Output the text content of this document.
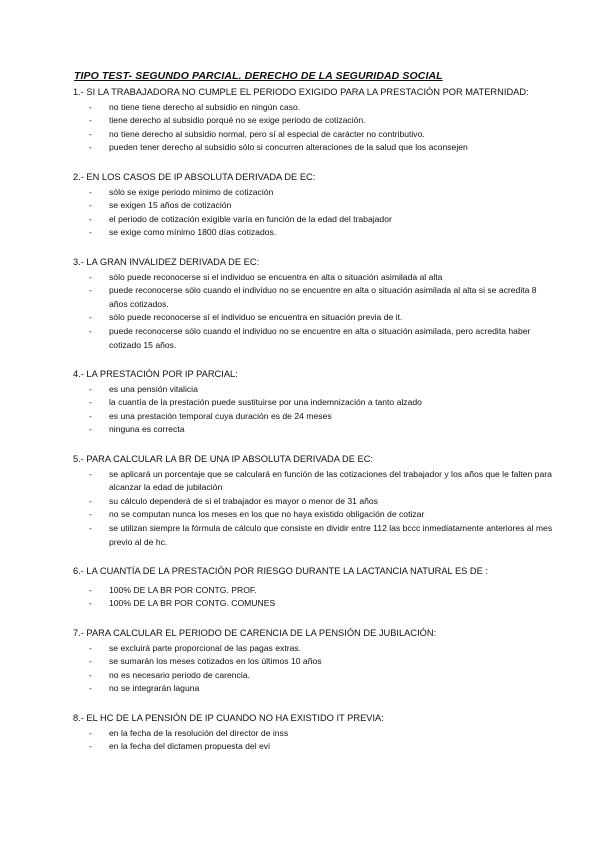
TIPO TEST- SEGUNDO PARCIAL. DERECHO DE LA SEGURIDAD SOCIAL

1.- SI LA TRABAJADORA NO CUMPLE EL PERIODO EXIGIDO PARA LA PRESTACIÓN POR MATERNIDAD:

- no tiene tiene derecho al subsidio en ningún caso.
- tiene derecho al subsidio porqué no se exige periodo de cotización.
- no tiene derecho al subsidio normal, pero sí al especial de carácter no contributivo.
- pueden tener derecho al subsidio sólo si concurren alteraciones de la salud que los aconsejen

2.- EN LOS CASOS DE IP ABSOLUTA DERIVADA DE EC:

- sólo se exige periodo mínimo de cotización
- se exigen 15 años de cotización
- el periodo de cotización exigible varía en función de la edad del trabajador
- se exige como mínimo 1800 días cotizados.

3.- LA GRAN INVALIDEZ DERIVADA DE EC:

- sólo puede reconocerse si el individuo se encuentra en alta o situación asimilada al alta
- puede reconocerse sólo cuando el individuo no se encuentre en alta o situación asimilada al alta si se acredita 8 años cotizados.
- sólo puede reconocerse sí el individuo se encuentra en situación previa de it.
- puede reconocerse sólo cuando el individuo no se encuentre en alta o situación asimilada, pero acredita haber cotizado 15 años.

4.- LA PRESTACIÓN POR IP PARCIAL:

- es una pensión vitalicia
- la cuantía de la prestación puede sustituirse por una indemnización a tanto alzado
- es una prestación temporal cuya duración es de 24 meses
- ninguna es correcta

5.- PARA CALCULAR LA BR DE UNA IP ABSOLUTA DERIVADA DE EC:

- se aplicará un porcentaje que se calculará en función de las cotizaciones del trabajador y los años que le falten para alcanzar la edad de jubilación
- su cálculo dependerá de si el trabajador es mayor o menor de 31 años
- no se computan nunca los meses en los que no haya existido obligación de cotizar
- se utilizan siempre la fórmula de cálculo que consiste en dividir entre 112 las bccc inmediatamente anteriores al mes previo al de hc.

6.- LA CUANTÍA DE LA PRESTACIÓN POR RIESGO DURANTE LA LACTANCIA NATURAL ES DE :

- 100% DE LA BR POR CONTG. PROF.
- 100% DE LA BR POR CONTG. COMUNES

7.- PARA CALCULAR EL PERIODO DE CARENCIA DE LA PENSIÓN DE JUBILACIÓN:

- se excluirá parte proporcional de las pagas extras.
- se sumarán los meses cotizados en los últimos 10 años
- no es necesario periodo de carencia.
- no se integrarán laguna

8.- EL HC DE LA PENSIÓN DE IP CUANDO NO HA EXISTIDO IT PREVIA:

- en la fecha de la resolución del director de inss
- en la fecha del dictamen propuesta del evi
